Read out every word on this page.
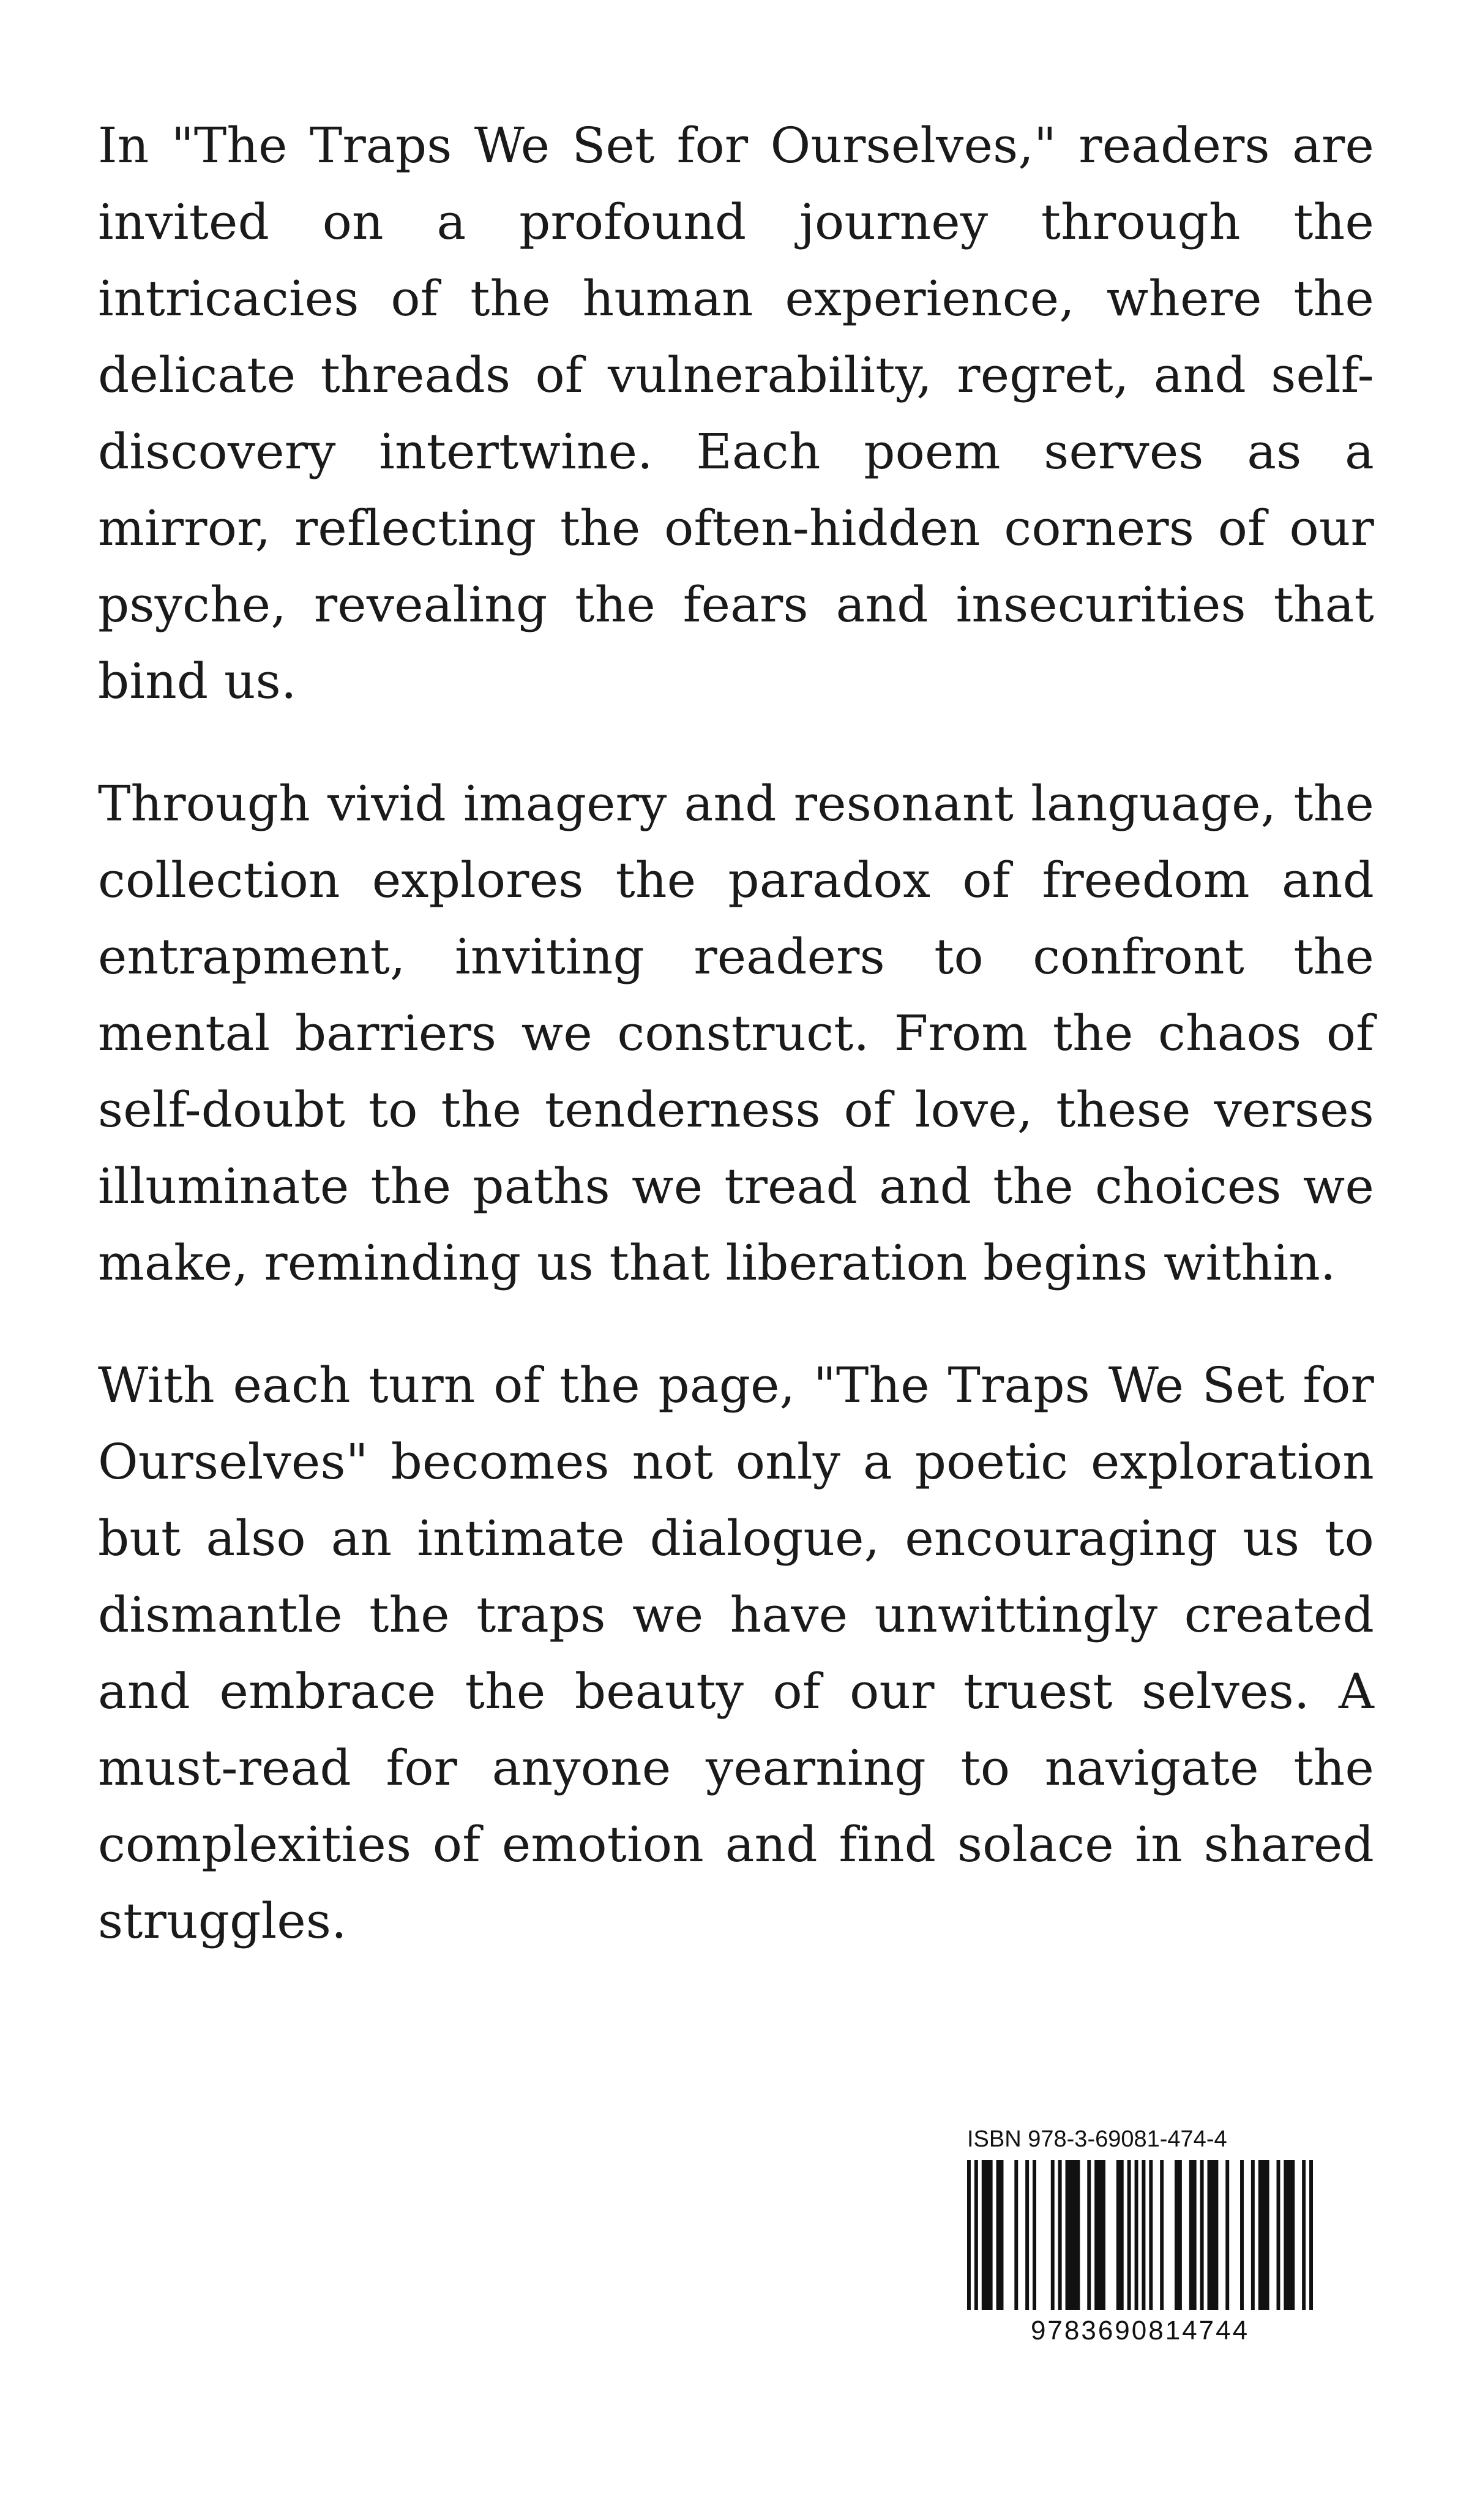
In "The Traps We Set for Ourselves," readers are invited on a profound journey through the intricacies of the human experience, where the delicate threads of vulnerability, regret, and self-discovery intertwine. Each poem serves as a mirror, reflecting the often-hidden corners of our psyche, revealing the fears and insecurities that bind us.

Through vivid imagery and resonant language, the collection explores the paradox of freedom and entrapment, inviting readers to confront the mental barriers we construct. From the chaos of self-doubt to the tenderness of love, these verses illuminate the paths we tread and the choices we make, reminding us that liberation begins within.

With each turn of the page, "The Traps We Set for Ourselves" becomes not only a poetic exploration but also an intimate dialogue, encouraging us to dismantle the traps we have unwittingly created and embrace the beauty of our truest selves. A must-read for anyone yearning to navigate the complexities of emotion and find solace in shared struggles.

ISBN 978-3-69081-474-4
9783690814744
